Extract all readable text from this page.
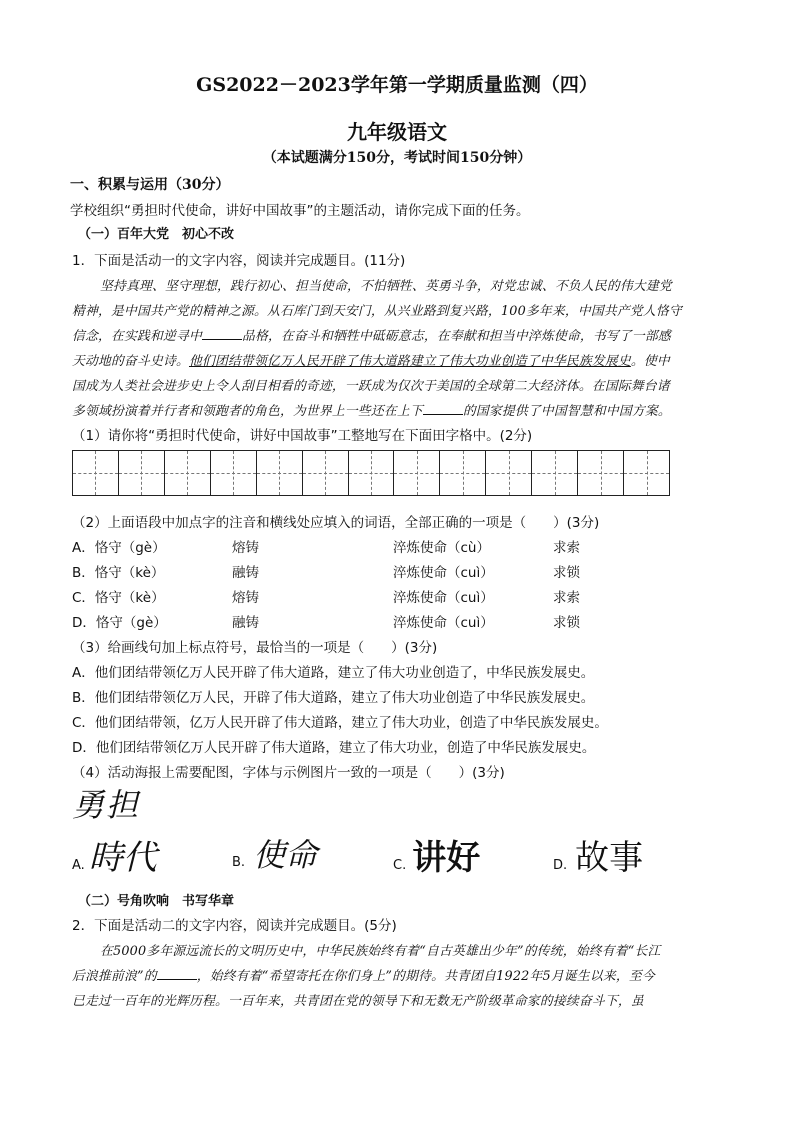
GS2022－2023学年第一学期质量监测（四）
九年级语文
（本试题满分150分，考试时间150分钟）
一、积累与运用（30分）
学校组织“勇担时代使命，讲好中国故事”的主题活动，请你完成下面的任务。
（一）百年大党　初心不改
1．下面是活动一的文字内容，阅读并完成题目。(11分)
坚持真理、坚守理想，践行初心、担当使命，不怕牺牲、英勇斗争，对党忠诚、不负人民的伟大建党
精神，是中国共产党的精神之源。从石库门到天安门，从兴业路到复兴路，100多年来，中国共产党人恪守
信念，在实践和逆寻中	品格，在奋斗和牺牲中砥砺意志，在奉献和担当中淬炼使命，书写了一部感
天动地的奋斗史诗。他们团结带领亿万人民开辟了伟大道路建立了伟大功业创造了中华民族发展史。使中
国成为人类社会进步史上令人刮目相看的奇迹，一跃成为仅次于美国的全球第二大经济体。在国际舞台诸
多领域扮演着并行者和领跑者的角色，为世界上一些还在上下	的国家提供了中国智慧和中国方案。
（1）请你将“勇担时代使命，讲好中国故事”工整地写在下面田字格中。(2分)
（2）上面语段中加点字的注音和横线处应填入的词语，全部正确的一项是（　　）(3分)
A．恪守（gè）	熔铸	淬炼使命（cù）	求索
B．恪守（kè）	融铸	淬炼使命（cuì）	求锁
C．恪守（kè）	熔铸	淬炼使命（cuì）	求索
D．恪守（gè）	融铸	淬炼使命（cuì）	求锁
（3）给画线句加上标点符号，最恰当的一项是（　　）(3分)
A．他们团结带领亿万人民开辟了伟大道路，建立了伟大功业创造了，中华民族发展史。
B．他们团结带领亿万人民，开辟了伟大道路，建立了伟大功业创造了中华民族发展史。
C．他们团结带领，亿万人民开辟了伟大道路，建立了伟大功业，创造了中华民族发展史。
D．他们团结带领亿万人民开辟了伟大道路，建立了伟大功业，创造了中华民族发展史。
（4）活动海报上需要配图，字体与示例图片一致的一项是（　　）(3分)
勇担
A. 時代	B. 使命	C. 讲好	D. 故事
（二）号角吹响　书写华章
2．下面是活动二的文字内容，阅读并完成题目。(5分)
在5000多年源远流长的文明历史中，中华民族始终有着“自古英雄出少年”的传统，始终有着“长江
后浪推前浪”的	，始终有着“希望寄托在你们身上”的期待。共青团自1922年5月诞生以来，至今
已走过一百年的光辉历程。一百年来，共青团在党的领导下和无数无产阶级革命家的接续奋斗下，虽
